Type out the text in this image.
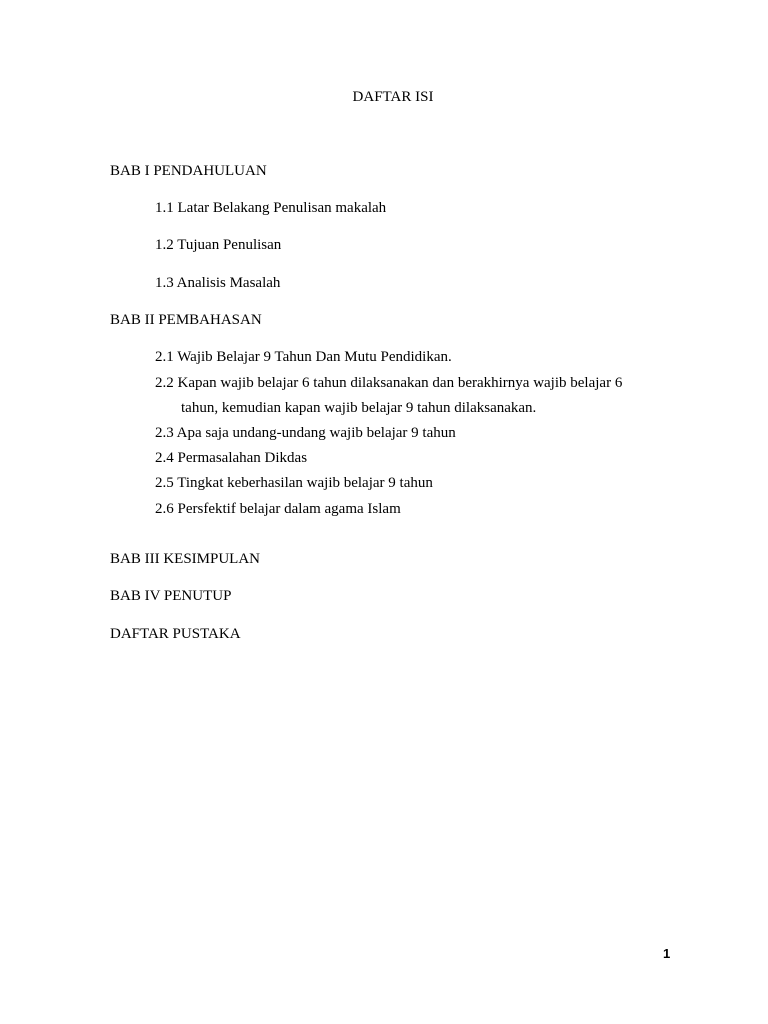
DAFTAR ISI
BAB I PENDAHULUAN
1.1 Latar Belakang Penulisan makalah
1.2 Tujuan Penulisan
1.3 Analisis Masalah
BAB II PEMBAHASAN
2.1 Wajib Belajar 9 Tahun Dan Mutu Pendidikan.
2.2 Kapan wajib belajar 6 tahun dilaksanakan dan berakhirnya wajib belajar 6
tahun, kemudian kapan wajib belajar 9 tahun dilaksanakan.
2.3 Apa saja undang-undang wajib belajar 9 tahun
2.4 Permasalahan Dikdas
2.5 Tingkat keberhasilan wajib belajar 9 tahun
2.6 Persfektif belajar dalam agama Islam
BAB III KESIMPULAN
BAB IV PENUTUP
DAFTAR PUSTAKA
1
